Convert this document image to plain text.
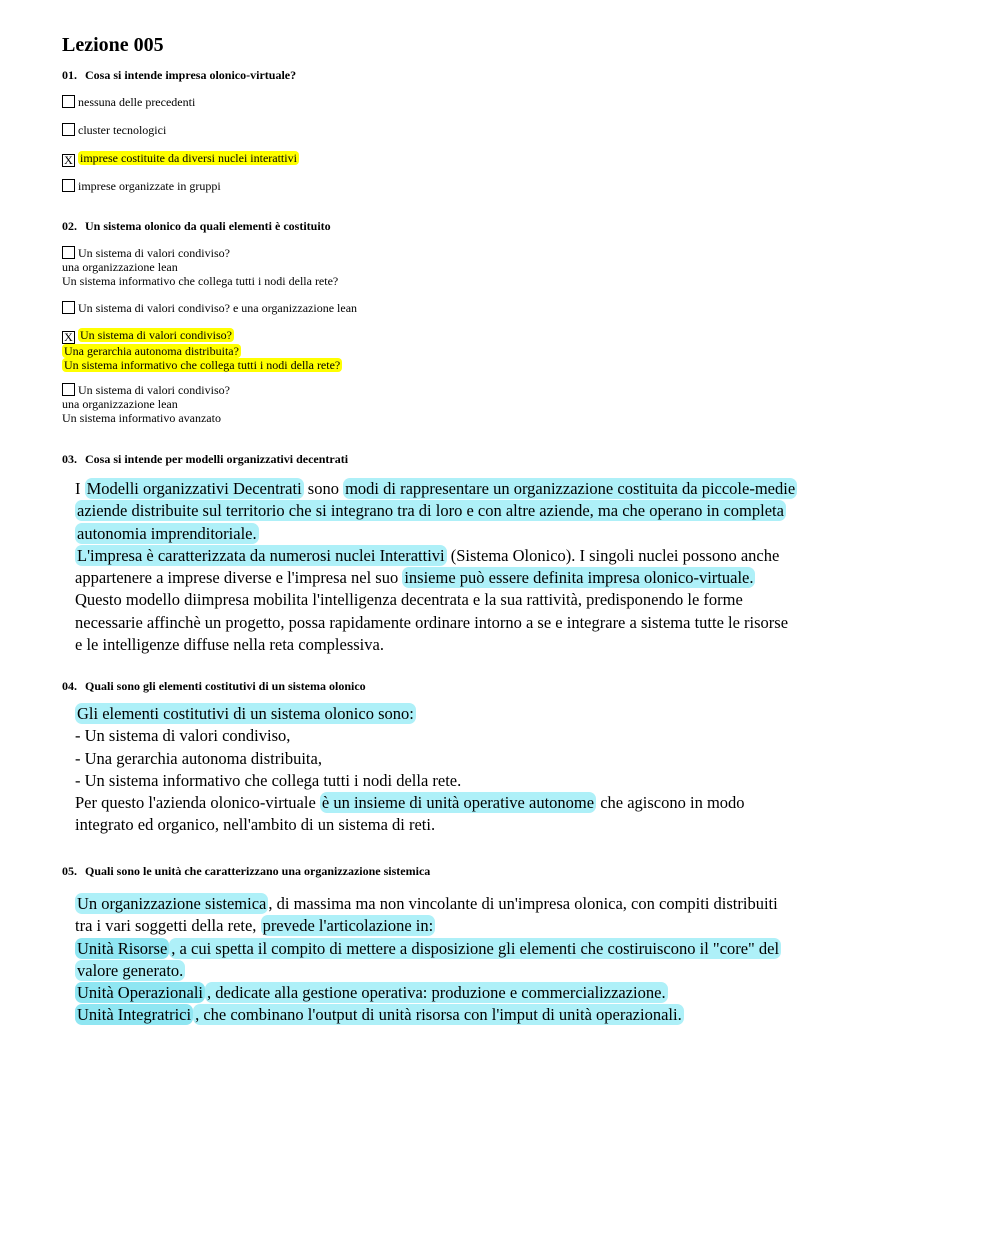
Lezione 005
01. Cosa si intende impresa olonico-virtuale?
nessuna delle precedenti
cluster tecnologici
X imprese costituite da diversi nuclei interattivi
imprese organizzate in gruppi
02. Un sistema olonico da quali elementi è costituito
Un sistema di valori condiviso?
una organizzazione lean
Un sistema informativo che collega tutti i nodi della rete?
Un sistema di valori condiviso? e una organizzazione lean
X Un sistema di valori condiviso?
Una gerarchia autonoma distribuita?
Un sistema informativo che collega tutti i nodi della rete?
Un sistema di valori condiviso?
una organizzazione lean
Un sistema informativo avanzato
03. Cosa si intende per modelli organizzativi decentrati
I Modelli organizzativi Decentrati sono modi di rappresentare un organizzazione costituita da piccole-medie
aziende distribuite sul territorio che si integrano tra di loro e con altre aziende, ma che operano in completa
autonomia imprenditoriale.
L'impresa è caratterizzata da numerosi nuclei Interattivi (Sistema Olonico). I singoli nuclei possono anche
appartenere a imprese diverse e l'impresa nel suo insieme può essere definita impresa olonico-virtuale.
Questo modello diimpresa mobilita l'intelligenza decentrata e la sua rattività, predisponendo le forme
necessarie affinchè un progetto, possa rapidamente ordinare intorno a se e integrare a sistema tutte le risorse
e le intelligenze diffuse nella reta complessiva.
04. Quali sono gli elementi costitutivi di un sistema olonico
Gli elementi costitutivi di un sistema olonico sono:
- Un sistema di valori condiviso,
- Una gerarchia autonoma distribuita,
- Un sistema informativo che collega tutti i nodi della rete.
Per questo l'azienda olonico-virtuale è un insieme di unità operative autonome che agiscono in modo
integrato ed organico, nell'ambito di un sistema di reti.
05. Quali sono le unità che caratterizzano una organizzazione sistemica
Un organizzazione sistemica , di massima ma non vincolante di un'impresa olonica, con compiti distribuiti
tra i vari soggetti della rete, prevede l'articolazione in:
Unità Risorse , a cui spetta il compito di mettere a disposizione gli elementi che costiruiscono il "core" del
valore generato.
Unità Operazionali , dedicate alla gestione operativa: produzione e commercializzazione.
Unità Integratrici , che combinano l'output di unità risorsa con l'imput di unità operazionali.
